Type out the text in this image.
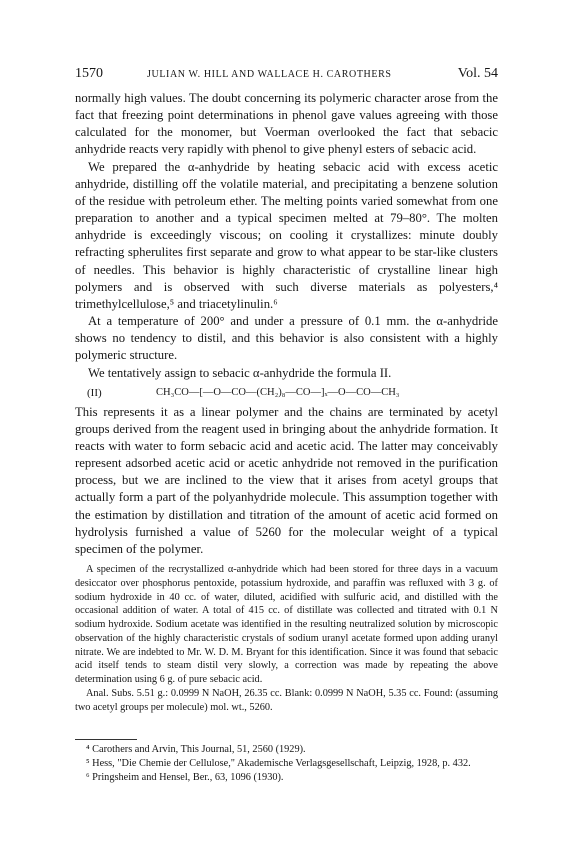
1570	JULIAN W. HILL AND WALLACE H. CAROTHERS	Vol. 54

normally high values. The doubt concerning its polymeric character arose from the fact that freezing point determinations in phenol gave values agreeing with those calculated for the monomer, but Voerman overlooked the fact that sebacic anhydride reacts very rapidly with phenol to give phenyl esters of sebacic acid.

We prepared the α-anhydride by heating sebacic acid with excess acetic anhydride, distilling off the volatile material, and precipitating a benzene solution of the residue with petroleum ether. The melting points varied somewhat from one preparation to another and a typical specimen melted at 79–80°. The molten anhydride is exceedingly viscous; on cooling it crystallizes: minute doubly refracting spherulites first separate and grow to what appear to be star-like clusters of needles. This behavior is highly characteristic of crystalline linear high polymers and is observed with such diverse materials as polyesters,⁴ trimethylcellulose,⁵ and triacetylinulin.⁶

At a temperature of 200° and under a pressure of 0.1 mm. the α-anhydride shows no tendency to distil, and this behavior is also consistent with a highly polymeric structure.

We tentatively assign to sebacic α-anhydride the formula II.

(II)	CH₃CO—[—O—CO—(CH₂)₈—CO—]ₓ—O—CO—CH₃

This represents it as a linear polymer and the chains are terminated by acetyl groups derived from the reagent used in bringing about the anhydride formation. It reacts with water to form sebacic acid and acetic acid. The latter may conceivably represent adsorbed acetic acid or acetic anhydride not removed in the purification process, but we are inclined to the view that it arises from acetyl groups that actually form a part of the polyanhydride molecule. This assumption together with the estimation by distillation and titration of the amount of acetic acid formed on hydrolysis furnished a value of 5260 for the molecular weight of a typical specimen of the polymer.

A specimen of the recrystallized α-anhydride which had been stored for three days in a vacuum desiccator over phosphorus pentoxide, potassium hydroxide, and paraffin was refluxed with 3 g. of sodium hydroxide in 40 cc. of water, diluted, acidified with sulfuric acid, and distilled with the occasional addition of water. A total of 415 cc. of distillate was collected and titrated with 0.1 N sodium hydroxide. Sodium acetate was identified in the resulting neutralized solution by microscopic observation of the highly characteristic crystals of sodium uranyl acetate formed upon adding uranyl nitrate. We are indebted to Mr. W. D. M. Bryant for this identification. Since it was found that sebacic acid itself tends to steam distil very slowly, a correction was made by repeating the above determination using 6 g. of pure sebacic acid.

Anal. Subs. 5.51 g.: 0.0999 N NaOH, 26.35 cc. Blank: 0.0999 N NaOH, 5.35 cc. Found: (assuming two acetyl groups per molecule) mol. wt., 5260.

⁴ Carothers and Arvin, This Journal, 51, 2560 (1929).

⁵ Hess, "Die Chemie der Cellulose," Akademische Verlagsgesellschaft, Leipzig, 1928, p. 432.

⁶ Pringsheim and Hensel, Ber., 63, 1096 (1930).
